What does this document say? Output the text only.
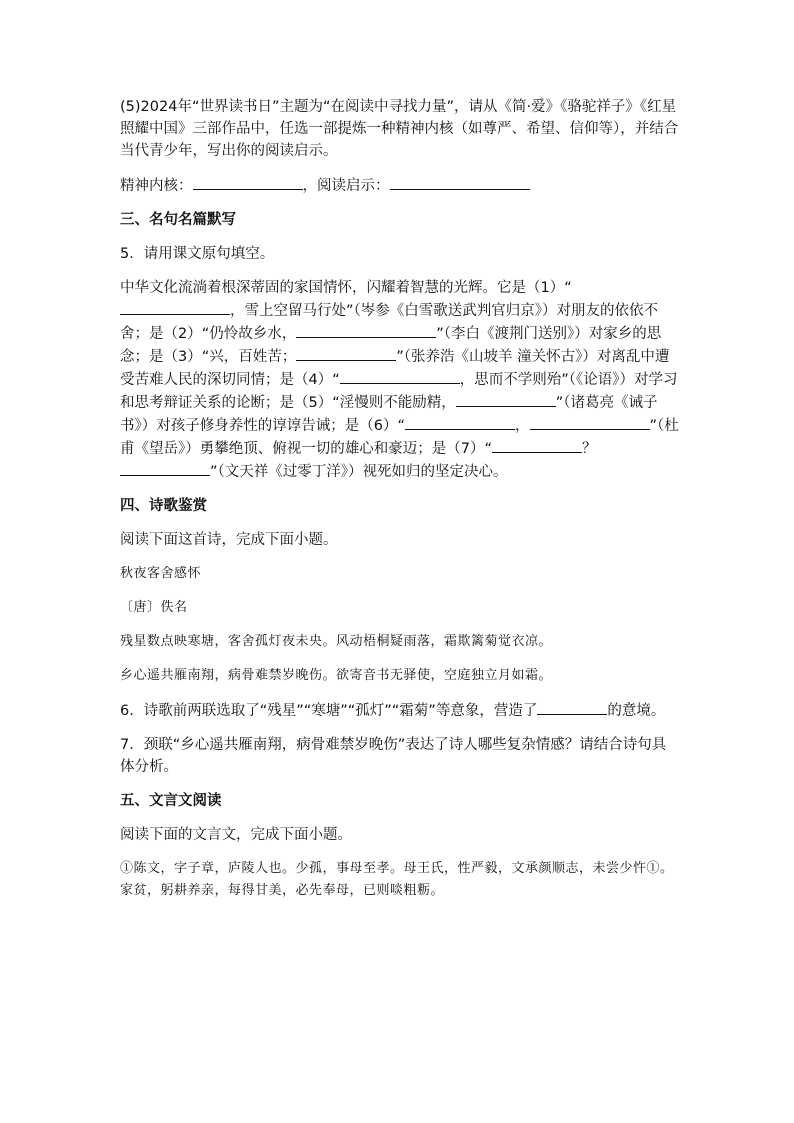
(5)2024年“世界读书日”主题为“在阅读中寻找力量”，请从《简·爱》《骆驼祥子》《红星照耀中国》三部作品中，任选一部提炼一种精神内核（如尊严、希望、信仰等），并结合当代青少年，写出你的阅读启示。

精神内核：	，阅读启示：

三、名句名篇默写

5．请用课文原句填空。

中华文化流淌着根深蒂固的家国情怀，闪耀着智慧的光辉。它是（1）“，雪上空留马行处”（岑参《白雪歌送武判官归京》）对朋友的依依不舍；是（2）“仍怜故乡水，	”（李白《渡荆门送别》）对家乡的思念；是（3）“兴，百姓苦；	”（张养浩《山坡羊 潼关怀古》）对离乱中遭受苦难人民的深切同情；是（4）“	，思而不学则殆”（《论语》）对学习和思考辩证关系的论断；是（5）“淫慢则不能励精，	”（诸葛亮《诫子书》）对孩子修身养性的谆谆告诫；是（6）“	，	”（杜甫《望岳》）勇攀绝顶、俯视一切的雄心和豪迈；是（7）“	？”（文天祥《过零丁洋》）视死如归的坚定决心。

四、诗歌鉴赏

阅读下面这首诗，完成下面小题。

秋夜客舍感怀

〔唐〕佚名

残星数点映寒塘，客舍孤灯夜未央。风动梧桐疑雨落，霜欺篱菊觉衣凉。

乡心遥共雁南翔，病骨难禁岁晚伤。欲寄音书无驿使，空庭独立月如霜。

6．诗歌前两联选取了“残星”“寒塘”“孤灯”“霜菊”等意象，营造了	的意境。

7．颈联“乡心遥共雁南翔，病骨难禁岁晚伤”表达了诗人哪些复杂情感？请结合诗句具体分析。

五、文言文阅读

阅读下面的文言文，完成下面小题。

①陈文，字子章，庐陵人也。少孤，事母至孝。母王氏，性严毅，文承颜顺志，未尝少忤①。家贫，躬耕养亲，每得甘美，必先奉母，已则啖粗粝。
